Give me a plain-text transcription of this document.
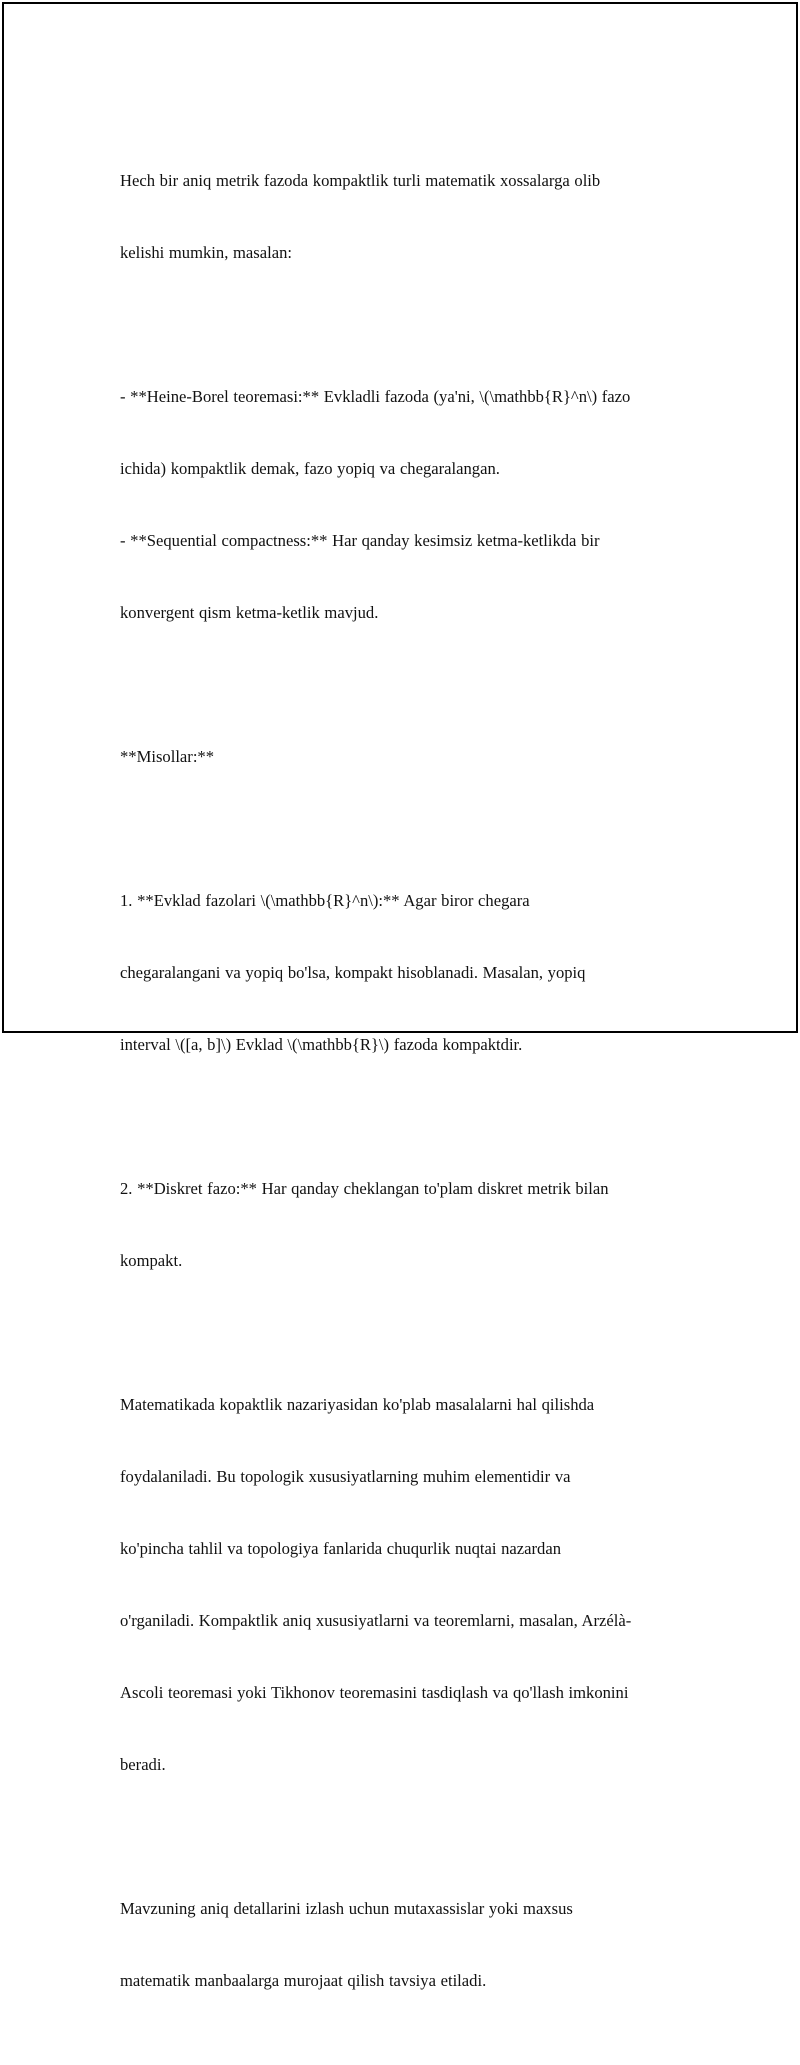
Hech bir aniq metrik fazoda kompaktlik turli matematik xossalarga olib

kelishi mumkin, masalan:

- **Heine-Borel teoremasi:** Evkladli fazoda (ya'ni, \(\mathbb{R}^n\) fazo

ichida) kompaktlik demak, fazo yopiq va chegaralangan.

- **Sequential compactness:** Har qanday kesimsiz ketma-ketlikda bir

konvergent qism ketma-ketlik mavjud.

**Misollar:**

1. **Evklad fazolari \(\mathbb{R}^n\):** Agar biror chegara

chegaralangani va yopiq bo'lsa, kompakt hisoblanadi. Masalan, yopiq

interval \([a, b]\) Evklad \(\mathbb{R}\) fazoda kompaktdir.

2. **Diskret fazo:** Har qanday cheklangan to'plam diskret metrik bilan

kompakt.

Matematikada kopaktlik nazariyasidan ko'plab masalalarni hal qilishda

foydalaniladi. Bu topologik xususiyatlarning muhim elementidir va

ko'pincha tahlil va topologiya fanlarida chuqurlik nuqtai nazardan

o'rganiladi. Kompaktlik aniq xususiyatlarni va teoremlarni, masalan, Arzélà-

Ascoli teoremasi yoki Tikhonov teoremasini tasdiqlash va qo'llash imkonini

beradi.

Mavzuning aniq detallarini izlash uchun mutaxassislar yoki maxsus

matematik manbaalarga murojaat qilish tavsiya etiladi.
